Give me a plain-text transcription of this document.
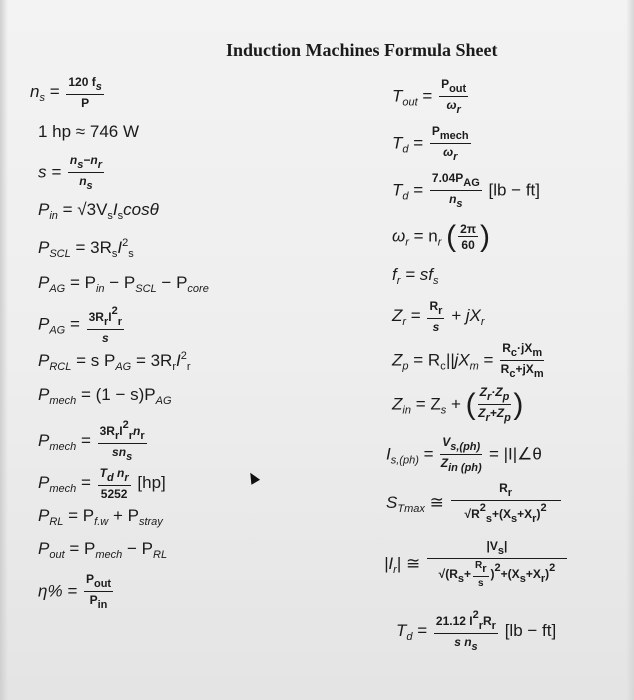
Induction Machines Formula Sheet
$n_s = \frac{120 fs}{P}$
1 hp ≈ 746 W
$s = \frac{ns-nr}{ns}$
$P_{in} = √3V_sI_s\cos\theta$
$P_{SCL} = 3R_sI^2_s$
$P_{AG} = P_{in} - P_{SCL} - P_{core}$
$P_{AG} = \frac{\text{3RrI2r}}{s}$
$P_{RCL} = s$ $P_{AG} = 3R_rI^2_r$
$P_{mech} = (1 - s)P_{AG}$
$P_{mech} = \frac{\text{3RrI2rnr}}{\text{sns}}$
$P_{mech} = \frac{\text{Td nr}}{5252} [hp]$
$P_{RL} = P_{f.w} + P_{stray}$
$P_{out} = P_{mech} - P_{RL}$
$\eta\% = \frac{\text{Pout}}{\text{Pin}}$
$T_{out} = \frac{\text{Pout}}{\omega r}$
$T_d = \frac{\text{Pmech}}{\omega r}$
$T_d = \frac{\text{7.04PAG}}{ns} [lb - ft]$
$\omega_r = n_r$ ( $\frac{2\pi}{60}$ )
$f_r = sf_s$
$Z_r = \frac{Rr}{s} + jX_r$
$Z_p = R_c||jX_m = \frac{\text{Rc·jXm}}{\text{Rc+jXm}}$
$Z_{in} = Z_s$ + ( $\frac{Zr\cdot Zp}{Zr+Zp}$ )
$I_{s,(ph)} = \frac{Vs,(ph)}{\text{Zin (ph)}}$ = |I|∠θ
$S_{Tmax}$ ≅ $\frac{Rr}{√R2s+(Xs+Xr)2}$
$|I_r|$ ≅ $\frac{|Vs|}{√(Rs+ \frac{Rr}{s} )2+(Xs+Xr)2}$
$T_d = \frac{\text{21.12 I2rRr}}{\text{s ns}} [lb - ft]$
